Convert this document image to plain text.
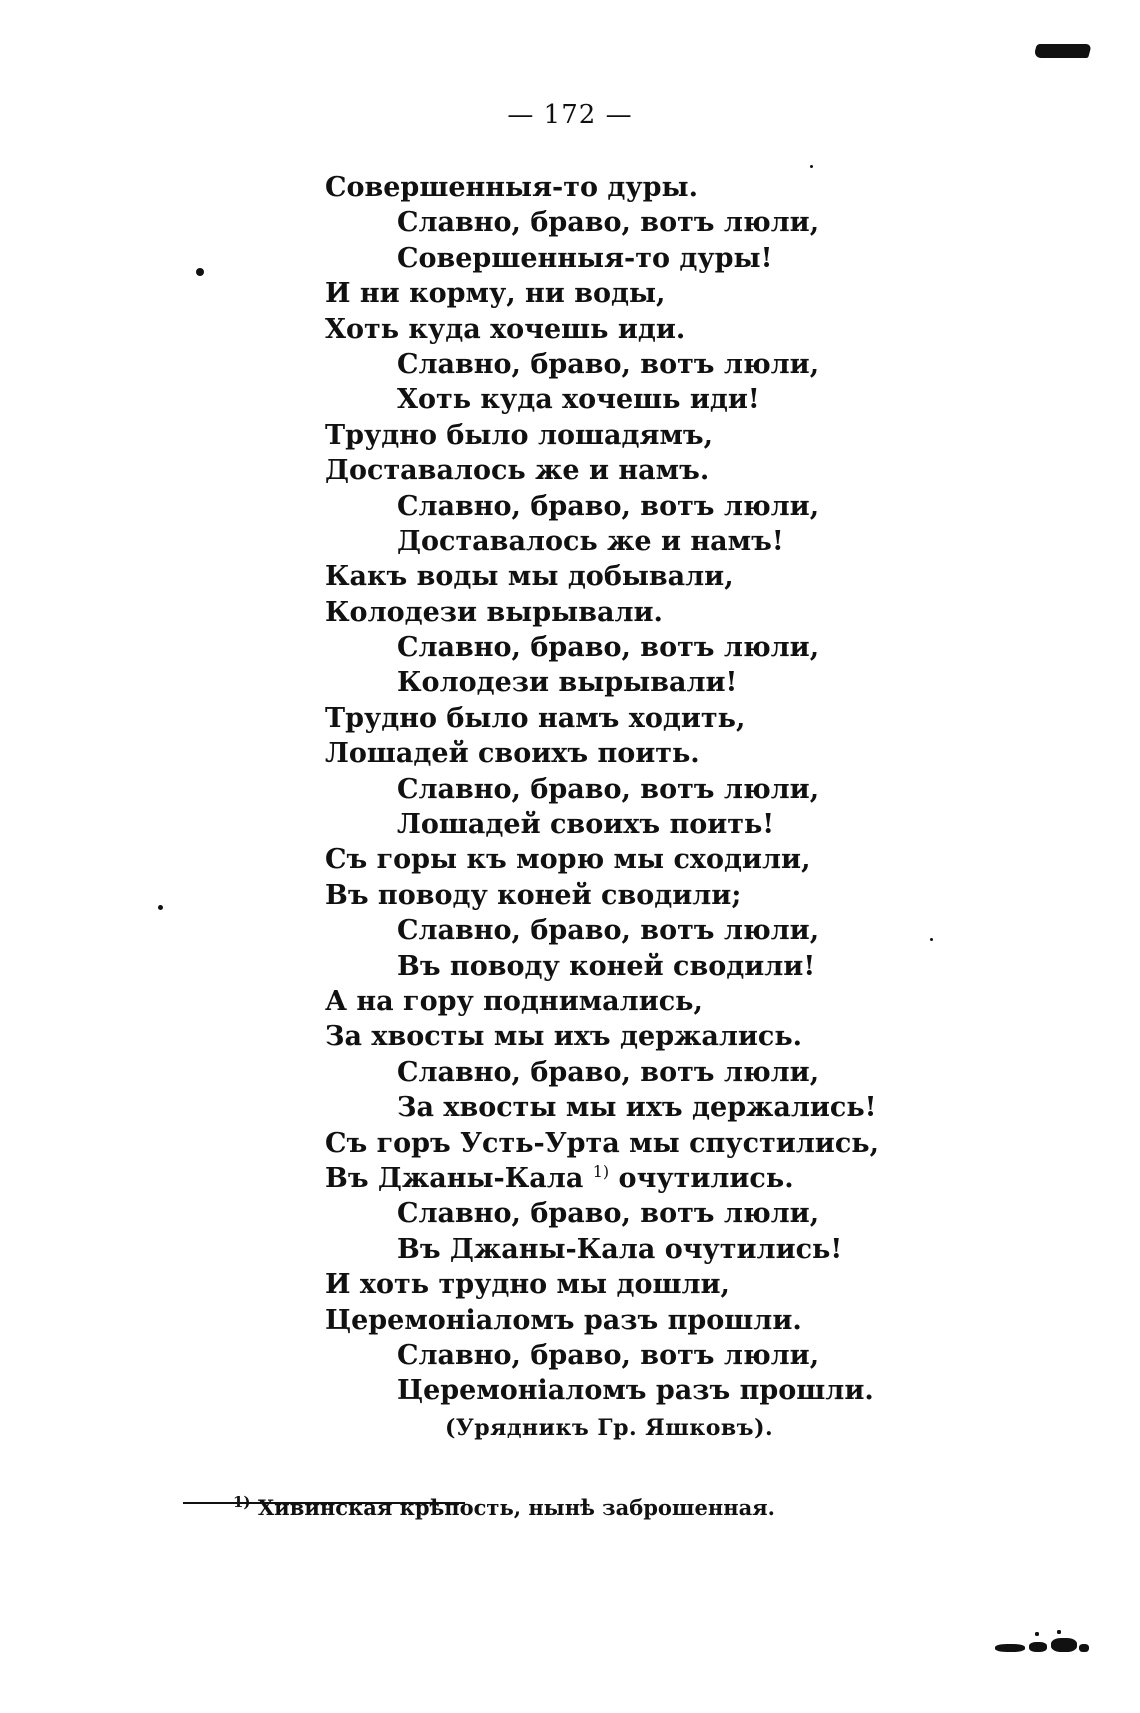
— 172 —
Совершенныя-то дуры.
Славно, браво, вотъ люли,
Совершенныя-то дуры!
И ни корму, ни воды,
Хоть куда хочешь иди.
Славно, браво, вотъ люли,
Хоть куда хочешь иди!
Трудно было лошадямъ,
Доставалось же и намъ.
Славно, браво, вотъ люли,
Доставалось же и намъ!
Какъ воды мы добывали,
Колодези вырывали.
Славно, браво, вотъ люли,
Колодези вырывали!
Трудно было намъ ходить,
Лошадей своихъ поить.
Славно, браво, вотъ люли,
Лошадей своихъ поить!
Съ горы къ морю мы сходили,
Въ поводу коней сводили;
Славно, браво, вотъ люли,
Въ поводу коней сводили!
А на гору поднимались,
За хвосты мы ихъ держались.
Славно, браво, вотъ люли,
За хвосты мы ихъ держались!
Съ горъ Усть-Урта мы спустились,
Въ Джаны-Кала $^{1)}$ очутились.
Славно, браво, вотъ люли,
Въ Джаны-Кала очутились!
И хоть трудно мы дошли,
Церемоніаломъ разъ прошли.
Славно, браво, вотъ люли,
Церемоніаломъ разъ прошли.
(Урядникъ Гр. Яшковъ).
$^{1)}$ Хивинская крѣпость, нынѣ заброшенная.
